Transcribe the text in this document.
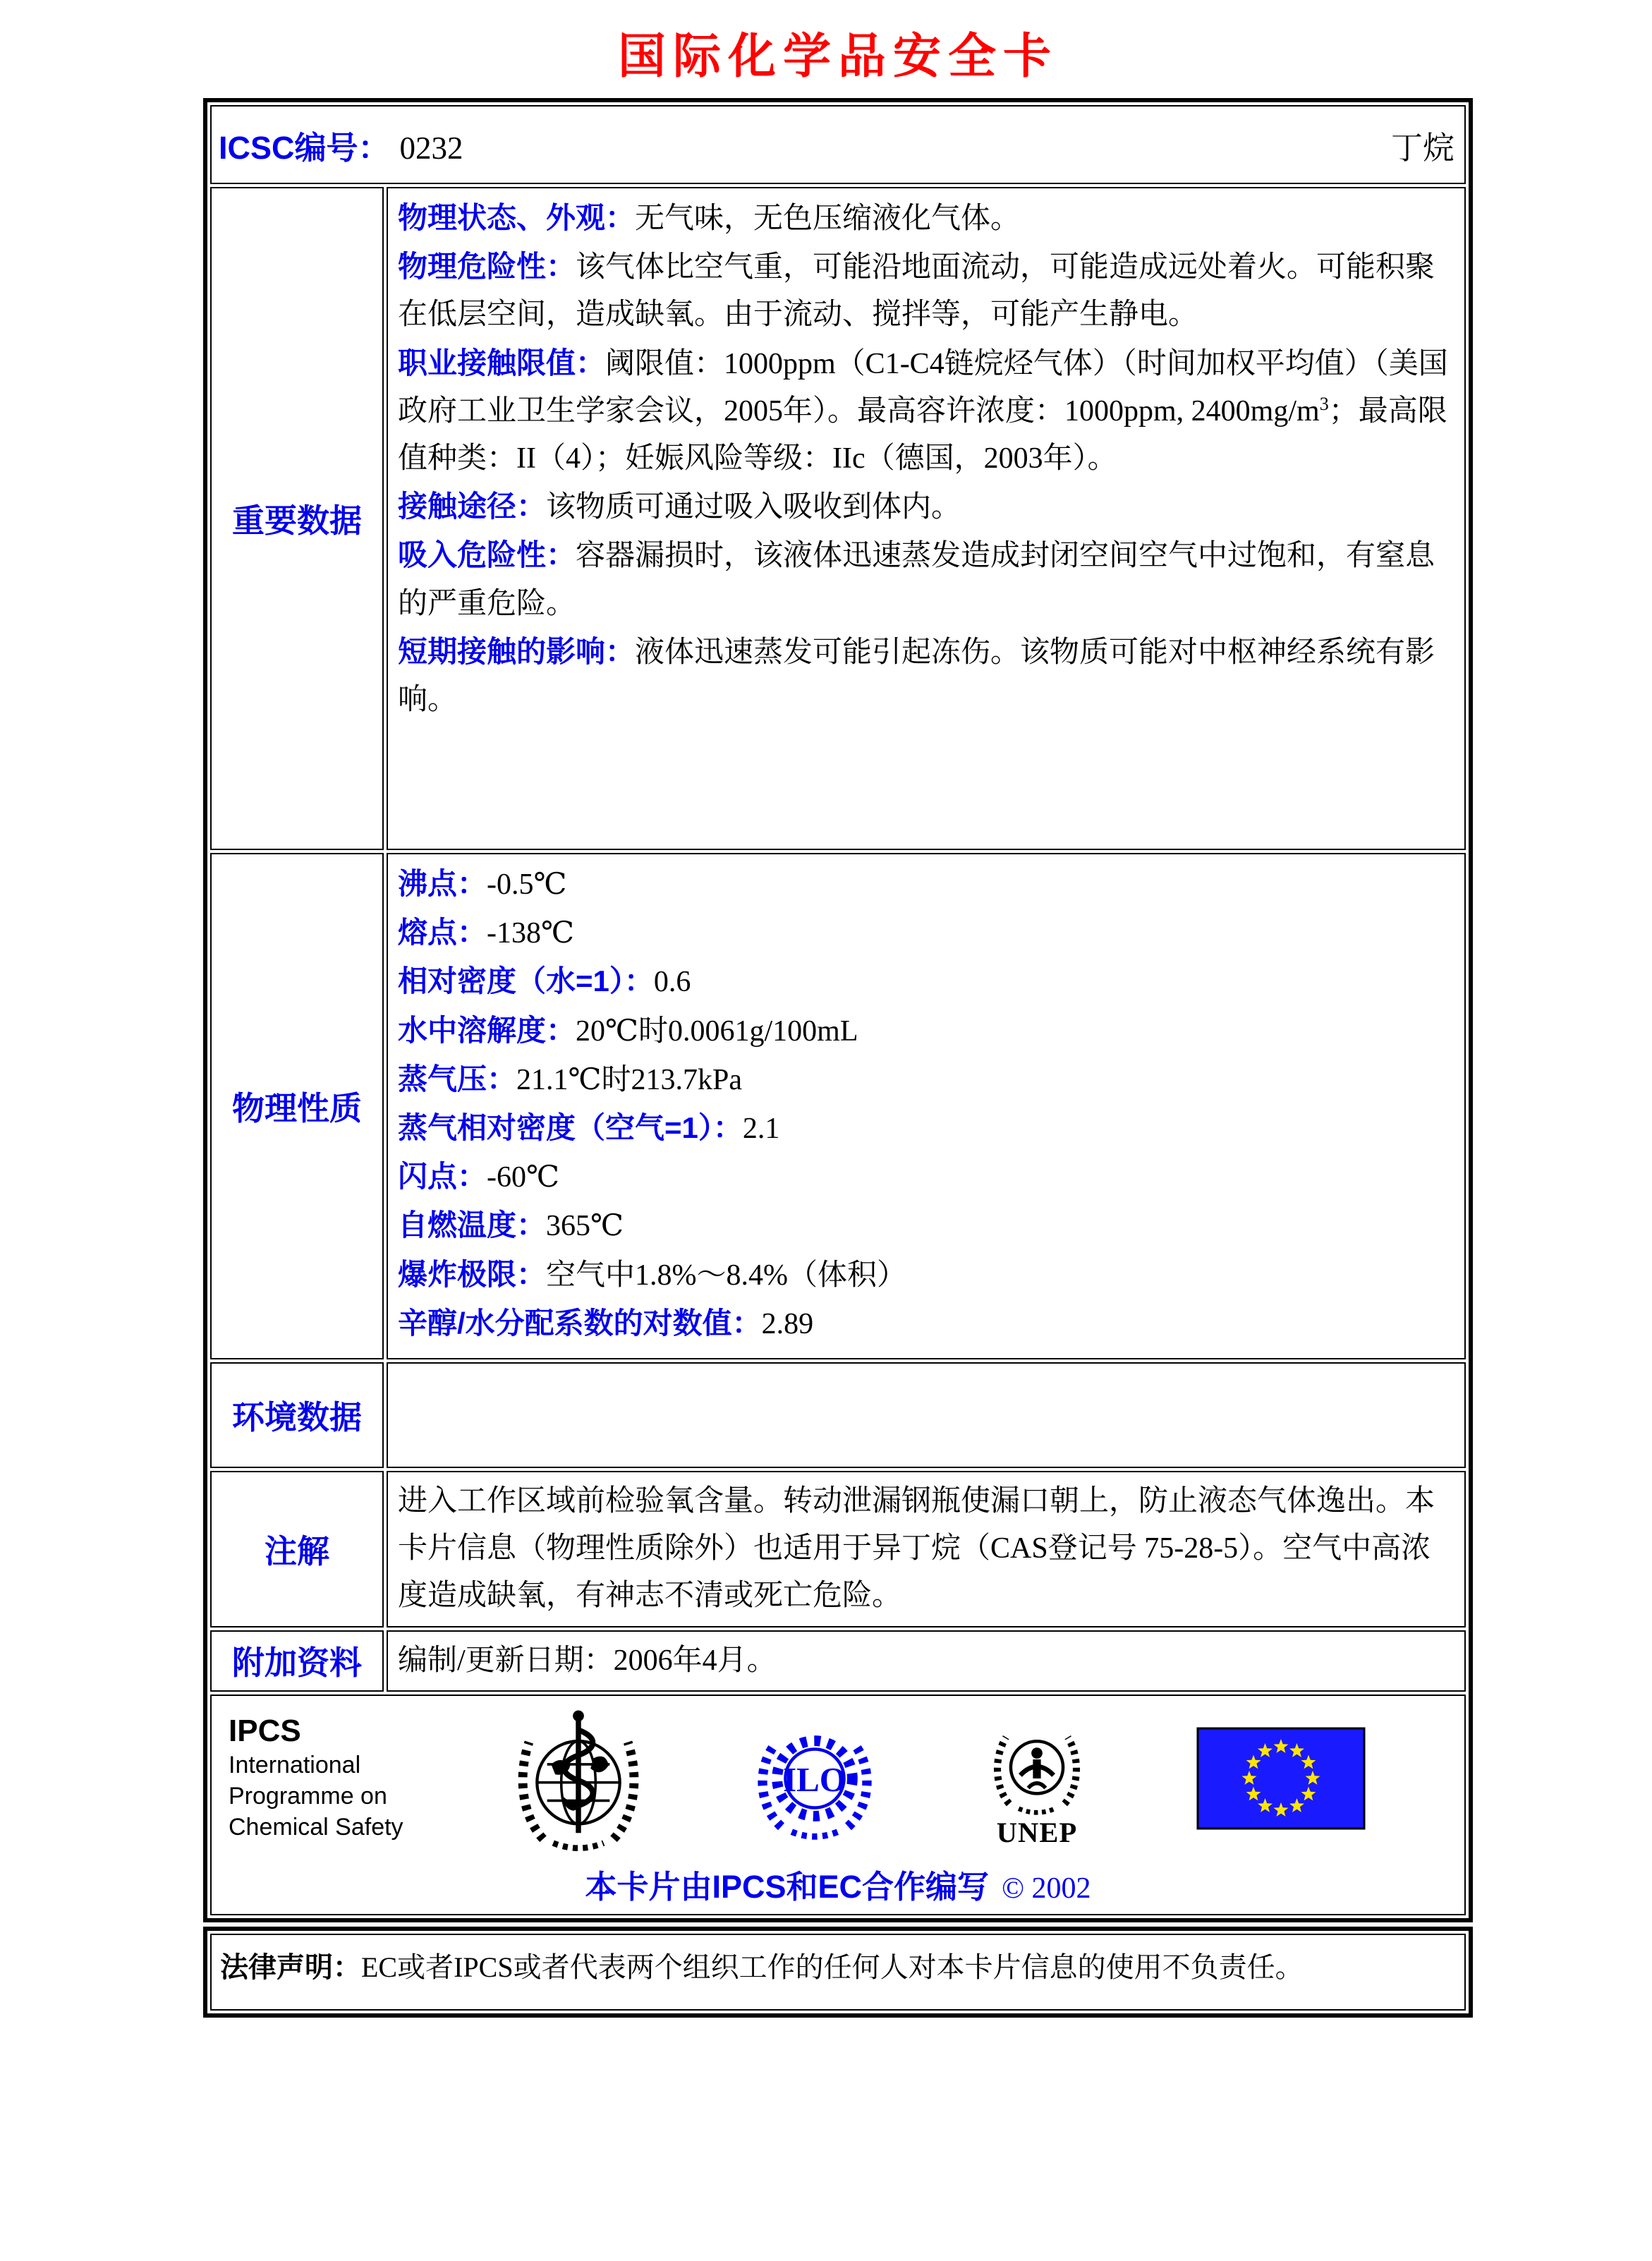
国际化学品安全卡
ICSC编号： 0232 丁烷	

重要数据	
物理状态、外观：无气味，无色压缩液化气体。
物理危险性：该气体比空气重，可能沿地面流动，可能造成远处着火。可能积聚在低层空间，造成缺氧。由于流动、搅拌等，可能产生静电。
职业接触限值：阈限值：1000ppm（C1-C4链烷烃气体）（时间加权平均值）（美国政府工业卫生学家会议，2005年）。最高容许浓度：1000ppm, $2400mg/m^3$；最高限值种类：II（4）；妊娠风险等级：IIc（德国，2003年）。
接触途径：该物质可通过吸入吸收到体内。
吸入危险性：容器漏损时，该液体迅速蒸发造成封闭空间空气中过饱和，有窒息的严重危险。
短期接触的影响：液体迅速蒸发可能引起冻伤。该物质可能对中枢神经系统有影响。

物理性质	
沸点：-0.5℃
熔点：-138℃
相对密度（水=1）：0.6
水中溶解度：20℃时0.0061g/100mL
蒸气压：21.1℃时213.7kPa
蒸气相对密度（空气=1）：2.1
闪点：-60℃
自燃温度：365℃
爆炸极限：空气中1.8%～8.4%（体积）
辛醇/水分配系数的对数值：2.89

环境数据	
注解	进入工作区域前检验氧含量。转动泄漏钢瓶使漏口朝上，防止液态气体逸出。本卡片信息（物理性质除外）也适用于异丁烷（CAS登记号 75-28-5）。空气中高浓度造成缺氧，有神志不清或死亡危险。
附加资料	编制/更新日期：2006年4月。

IPCS
International
Programme on
Chemical Safety
ILO
UNEP
本卡片由IPCS和EC合作编写 © 2002
法律声明：EC或者IPCS或者代表两个组织工作的任何人对本卡片信息的使用不负责任。
